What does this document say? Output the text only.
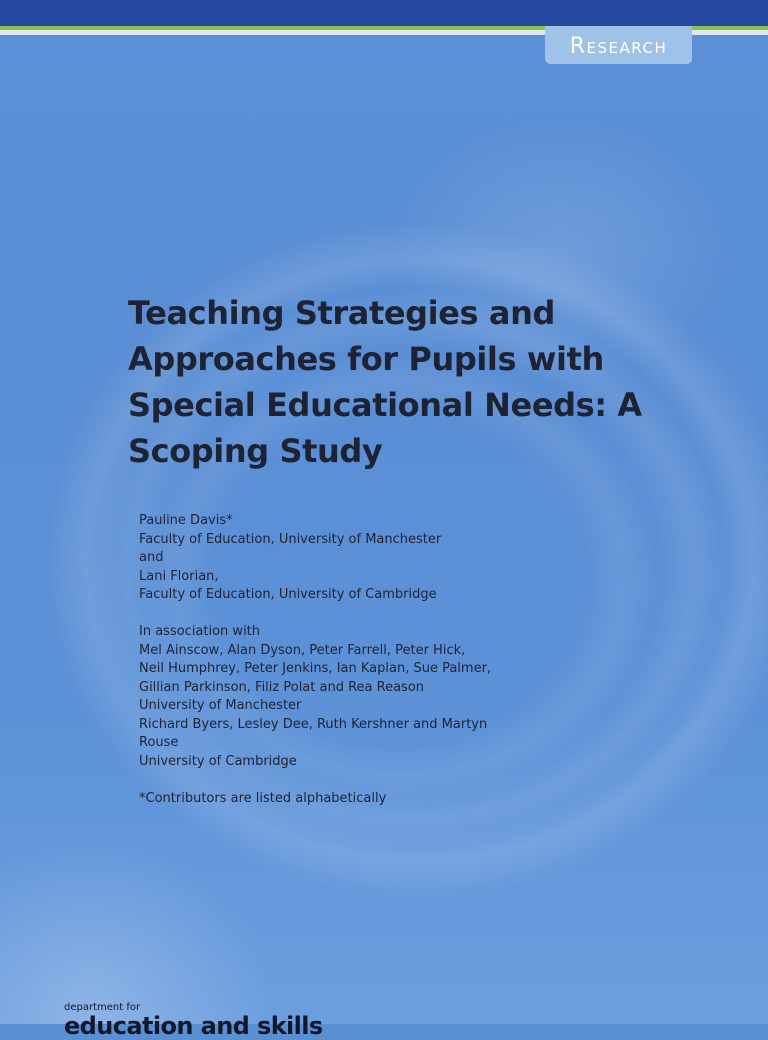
Research
Teaching Strategies and
Approaches for Pupils with
Special Educational Needs: A
Scoping Study
Pauline Davis*
Faculty of Education, University of Manchester
and
Lani Florian,
Faculty of Education, University of Cambridge
In association with
Mel Ainscow, Alan Dyson, Peter Farrell, Peter Hick,
Neil Humphrey, Peter Jenkins, Ian Kaplan, Sue Palmer,
Gillian Parkinson, Filiz Polat and Rea Reason
University of Manchester
Richard Byers, Lesley Dee, Ruth Kershner and Martyn
Rouse
University of Cambridge
*Contributors are listed alphabetically
department for
education and skills
